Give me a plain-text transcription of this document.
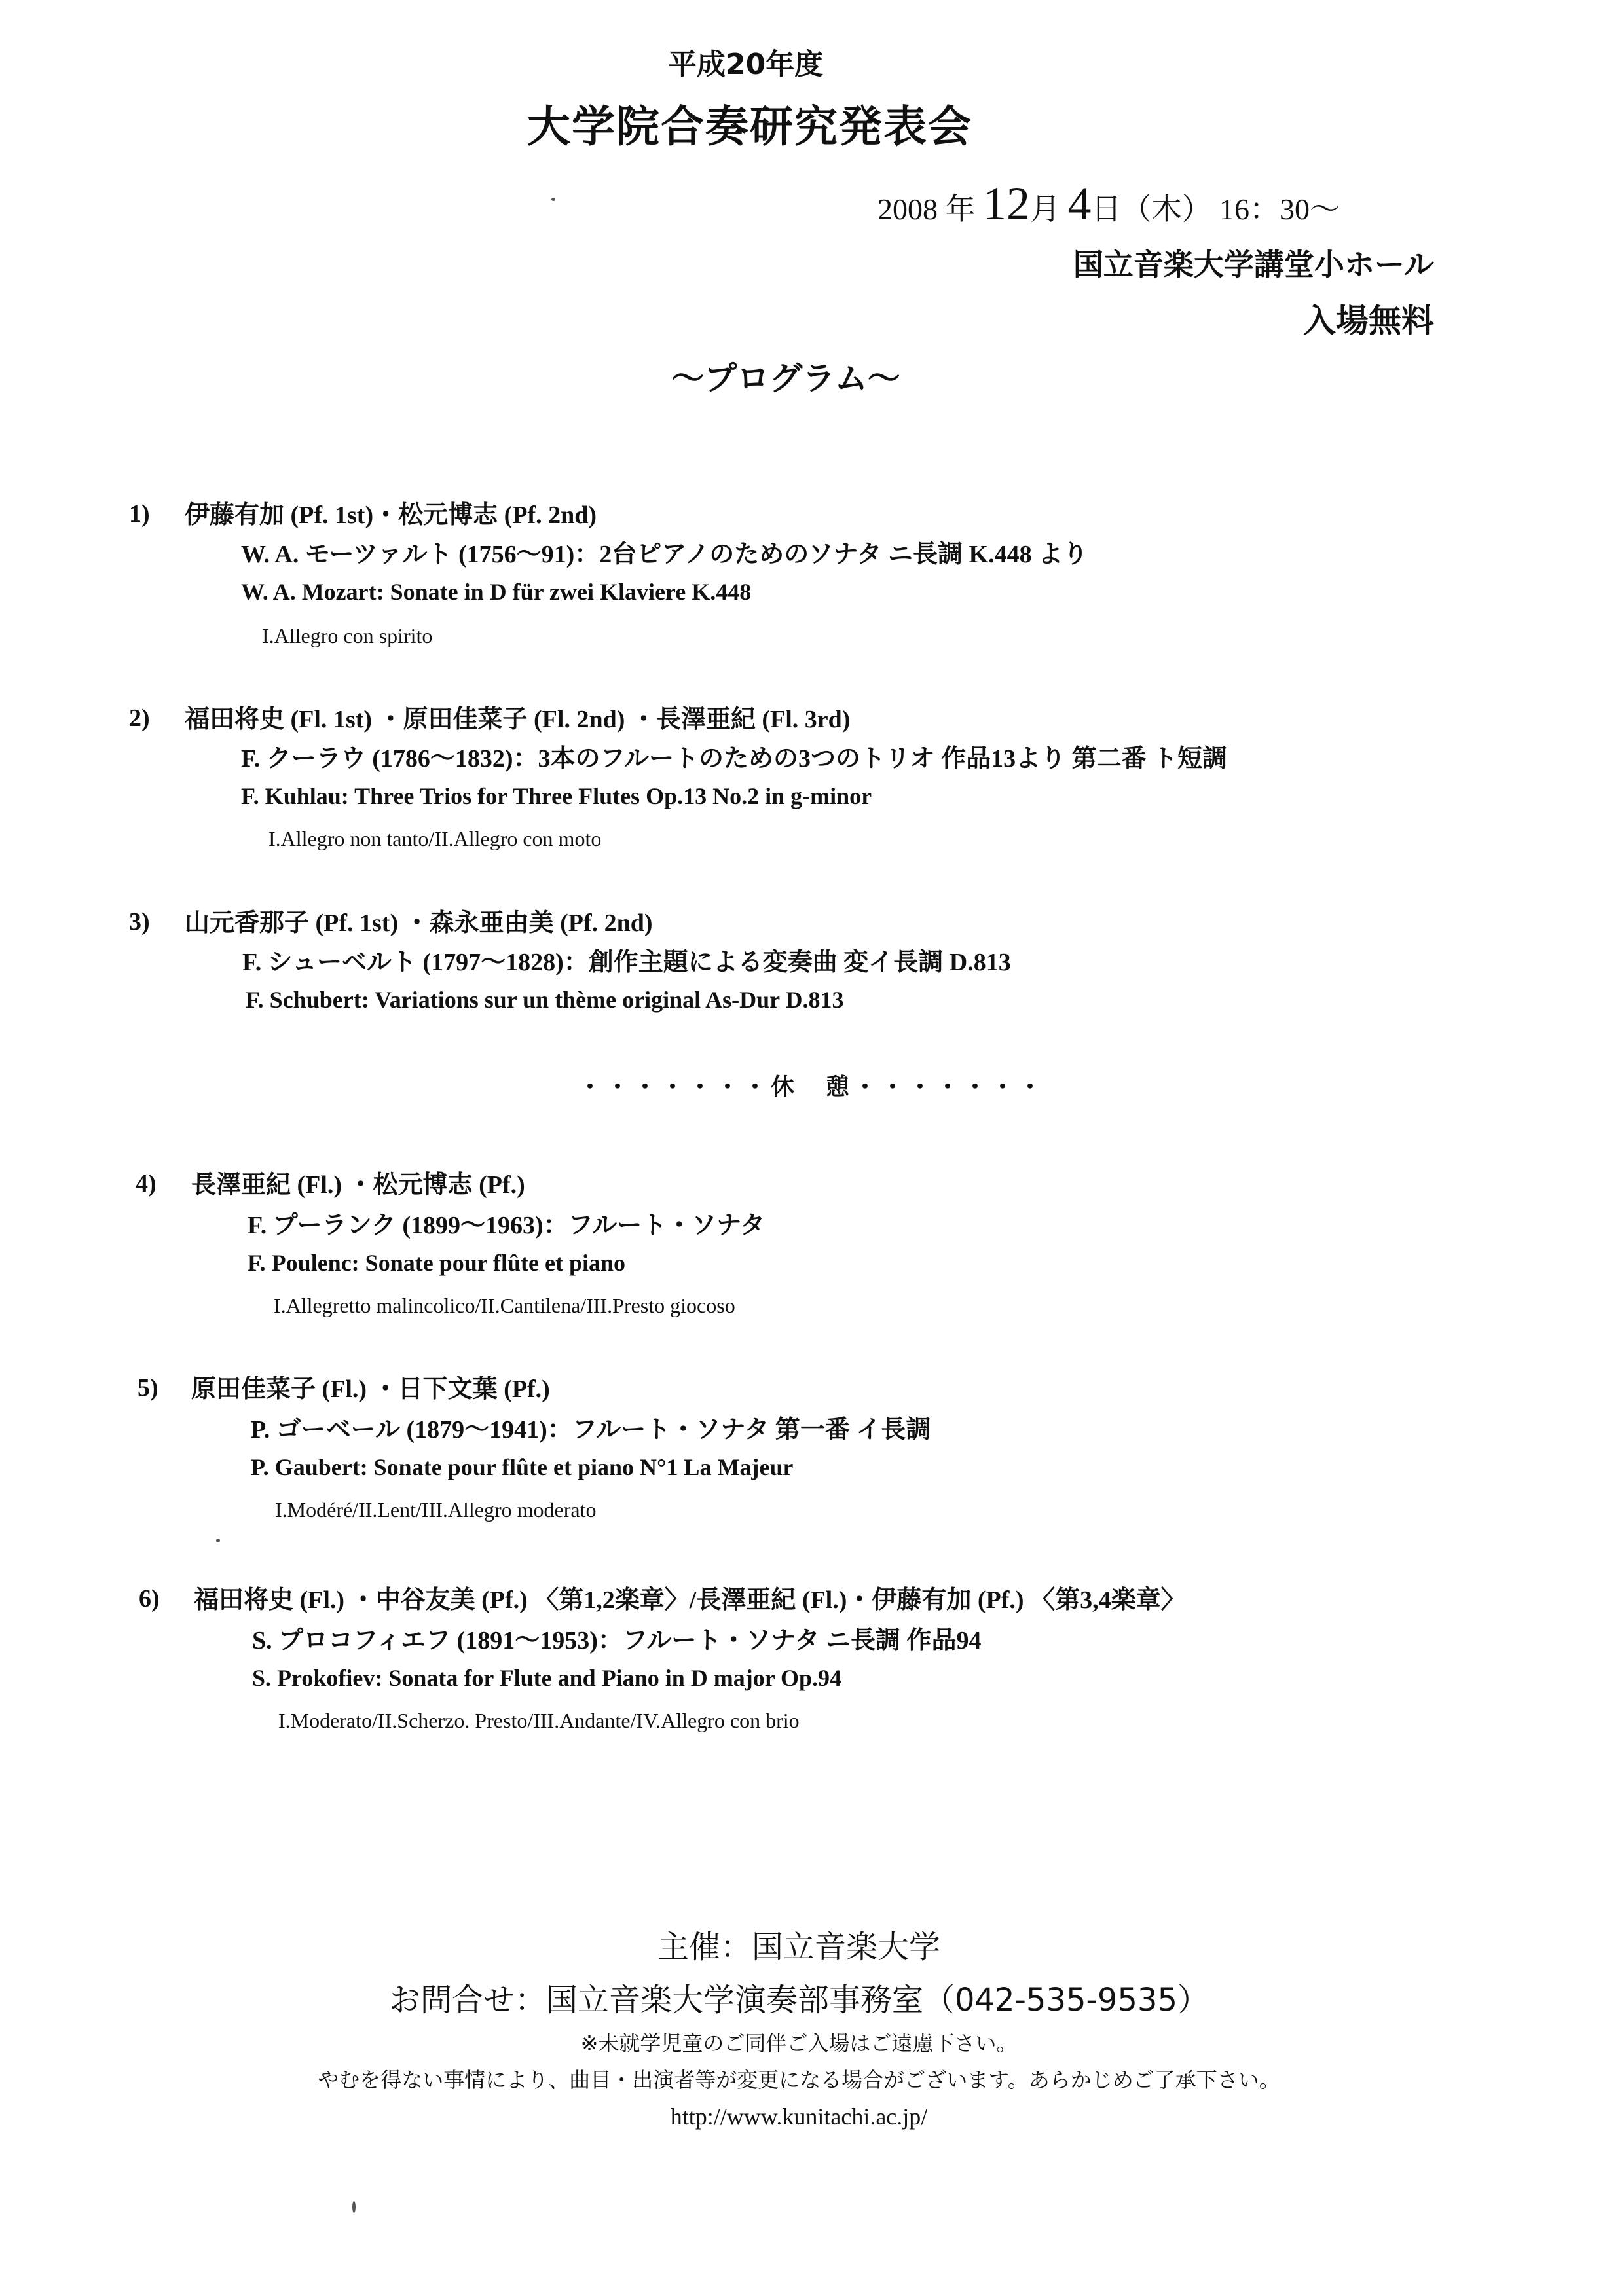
平成20年度
大学院合奏研究発表会
2008 年 12月 4日（木） 16：30〜
国立音楽大学講堂小ホール
入場無料
〜プログラム〜
1) 伊藤有加 (Pf. 1st)・松元博志 (Pf. 2nd)
W. A. モーツァルト (1756〜91)：2台ピアノのためのソナタ ニ長調 K.448 より
W. A. Mozart: Sonate in D für zwei Klaviere K.448
I.Allegro con spirito
2) 福田将史 (Fl. 1st) ・原田佳菜子 (Fl. 2nd) ・長澤亜紀 (Fl. 3rd)
F. クーラウ (1786〜1832)：3本のフルートのための3つのトリオ 作品13より 第二番 ト短調
F. Kuhlau: Three Trios for Three Flutes Op.13 No.2 in g-minor
I.Allegro non tanto/II.Allegro con moto
3) 山元香那子 (Pf. 1st) ・森永亜由美 (Pf. 2nd)
F. シューベルト (1797〜1828)：創作主題による変奏曲 変イ長調 D.813
F. Schubert: Variations sur un thème original As-Dur D.813
・・・・・・・休　憩・・・・・・・
4) 長澤亜紀 (Fl.) ・松元博志 (Pf.)
F. プーランク (1899〜1963)：フルート・ソナタ
F. Poulenc: Sonate pour flûte et piano
I.Allegretto malincolico/II.Cantilena/III.Presto giocoso
5) 原田佳菜子 (Fl.) ・日下文葉 (Pf.)
P. ゴーベール (1879〜1941)：フルート・ソナタ 第一番 イ長調
P. Gaubert: Sonate pour flûte et piano N°1 La Majeur
I.Modéré/II.Lent/III.Allegro moderato
6) 福田将史 (Fl.) ・中谷友美 (Pf.) 〈第1,2楽章〉/長澤亜紀 (Fl.)・伊藤有加 (Pf.) 〈第3,4楽章〉
S. プロコフィエフ (1891〜1953)：フルート・ソナタ ニ長調 作品94
S. Prokofiev: Sonata for Flute and Piano in D major Op.94
I.Moderato/II.Scherzo. Presto/III.Andante/IV.Allegro con brio
主催：国立音楽大学
お問合せ：国立音楽大学演奏部事務室（042-535-9535）
※未就学児童のご同伴ご入場はご遠慮下さい。
やむを得ない事情により、曲目・出演者等が変更になる場合がございます。あらかじめご了承下さい。
http://www.kunitachi.ac.jp/
